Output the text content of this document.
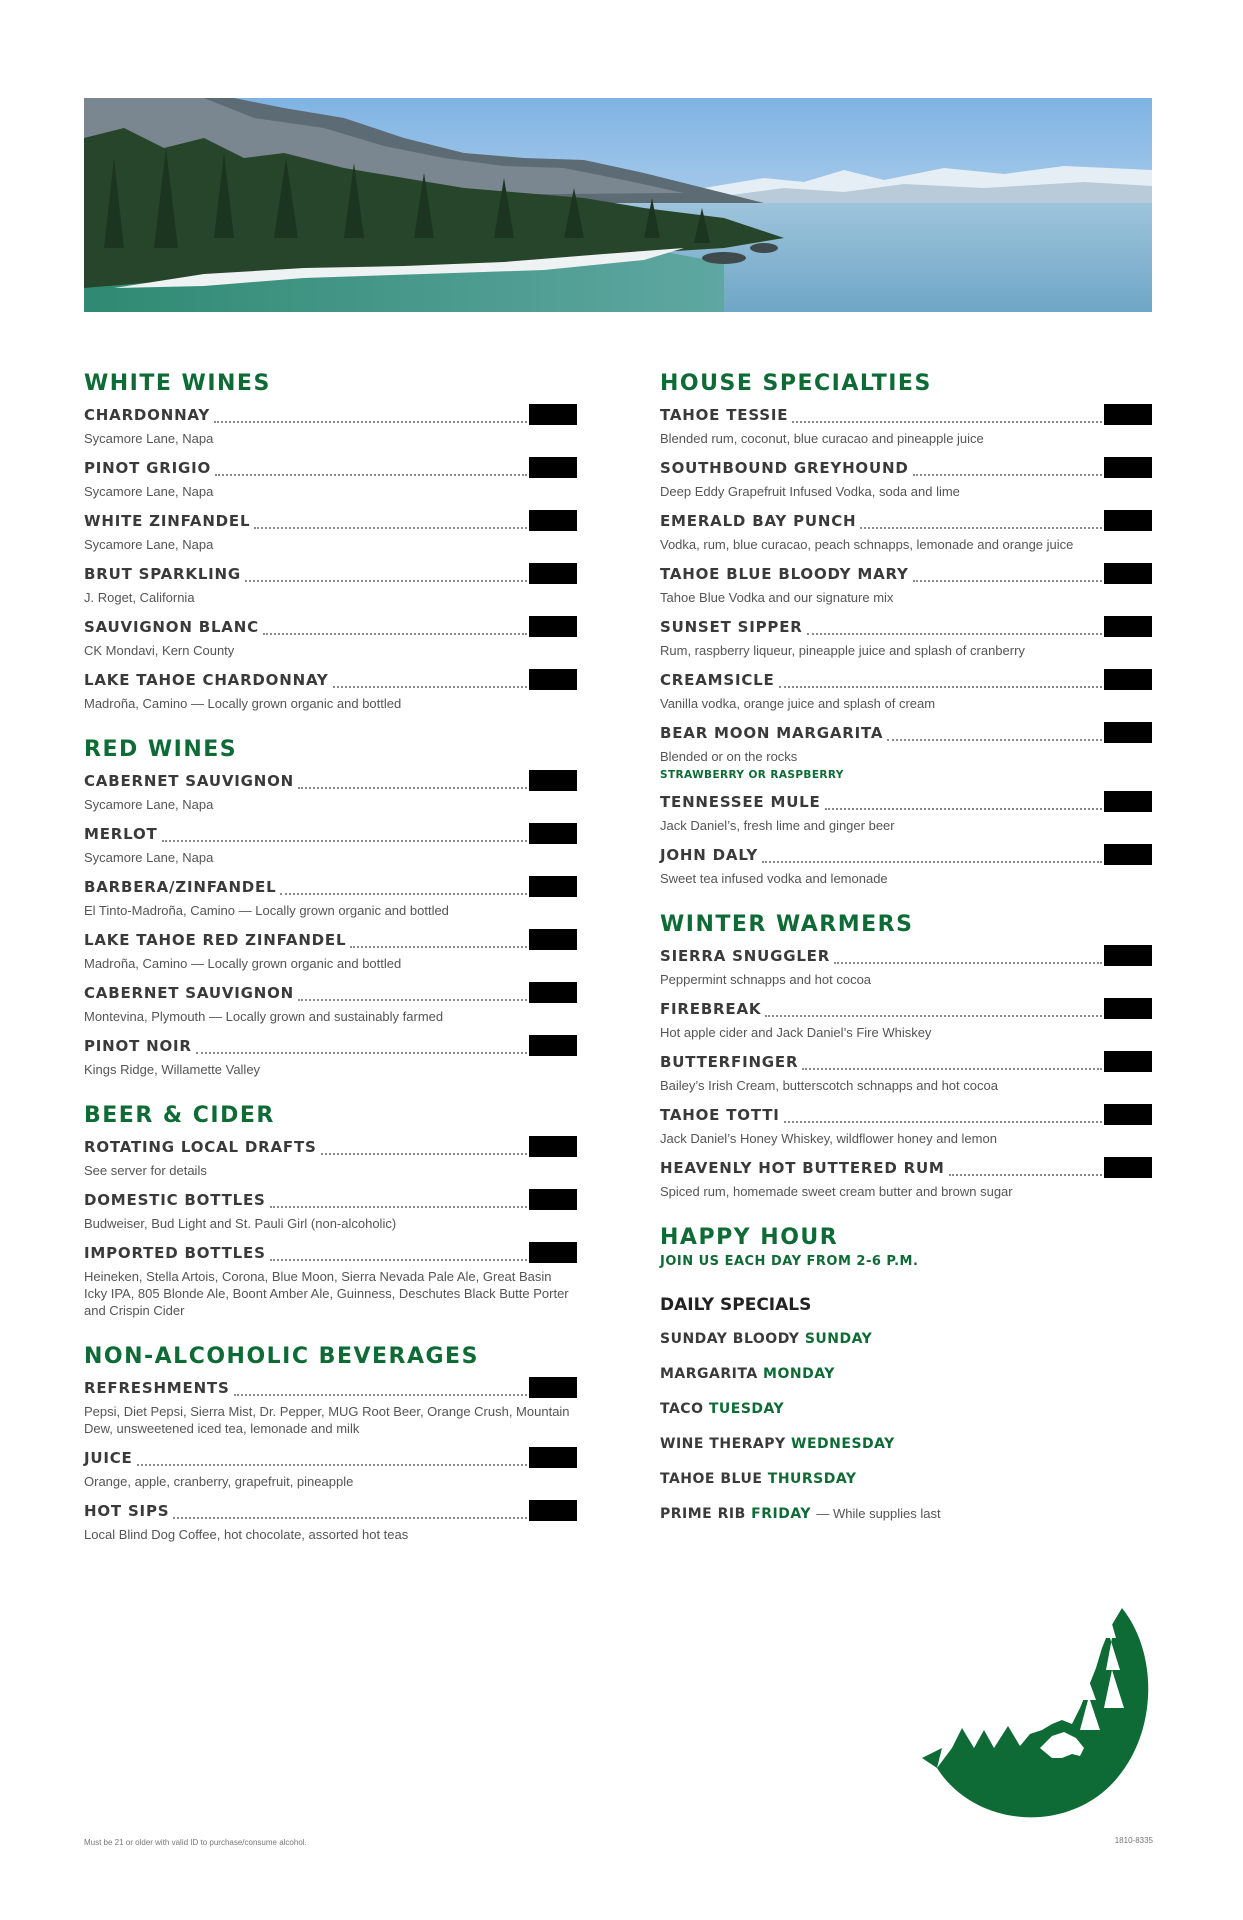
WHITE WINES
CHARDONNAY
Sycamore Lane, Napa
PINOT GRIGIO
Sycamore Lane, Napa
WHITE ZINFANDEL
Sycamore Lane, Napa
BRUT SPARKLING
J. Roget, California
SAUVIGNON BLANC
CK Mondavi, Kern County
LAKE TAHOE CHARDONNAY
Madroña, Camino — Locally grown organic and bottled
RED WINES
CABERNET SAUVIGNON
Sycamore Lane, Napa
MERLOT
Sycamore Lane, Napa
BARBERA/ZINFANDEL
El Tinto-Madroña, Camino — Locally grown organic and bottled
LAKE TAHOE RED ZINFANDEL
Madroña, Camino — Locally grown organic and bottled
CABERNET SAUVIGNON
Montevina, Plymouth — Locally grown and sustainably farmed
PINOT NOIR
Kings Ridge, Willamette Valley
BEER & CIDER
ROTATING LOCAL DRAFTS
See server for details
DOMESTIC BOTTLES
Budweiser, Bud Light and St. Pauli Girl (non-alcoholic)
IMPORTED BOTTLES
Heineken, Stella Artois, Corona, Blue Moon, Sierra Nevada Pale Ale, Great Basin Icky IPA, 805 Blonde Ale, Boont Amber Ale, Guinness, Deschutes Black Butte Porter and Crispin Cider
NON-ALCOHOLIC BEVERAGES
REFRESHMENTS
Pepsi, Diet Pepsi, Sierra Mist, Dr. Pepper, MUG Root Beer, Orange Crush, Mountain Dew, unsweetened iced tea, lemonade and milk
JUICE
Orange, apple, cranberry, grapefruit, pineapple
HOT SIPS
Local Blind Dog Coffee, hot chocolate, assorted hot teas
HOUSE SPECIALTIES
TAHOE TESSIE
Blended rum, coconut, blue curacao and pineapple juice
SOUTHBOUND GREYHOUND
Deep Eddy Grapefruit Infused Vodka, soda and lime
EMERALD BAY PUNCH
Vodka, rum, blue curacao, peach schnapps, lemonade and orange juice
TAHOE BLUE BLOODY MARY
Tahoe Blue Vodka and our signature mix
SUNSET SIPPER
Rum, raspberry liqueur, pineapple juice and splash of cranberry
CREAMSICLE
Vanilla vodka, orange juice and splash of cream
BEAR MOON MARGARITA
Blended or on the rocks
STRAWBERRY OR RASPBERRY
TENNESSEE MULE
Jack Daniel’s, fresh lime and ginger beer
JOHN DALY
Sweet tea infused vodka and lemonade
WINTER WARMERS
SIERRA SNUGGLER
Peppermint schnapps and hot cocoa
FIREBREAK
Hot apple cider and Jack Daniel’s Fire Whiskey
BUTTERFINGER
Bailey’s Irish Cream, butterscotch schnapps and hot cocoa
TAHOE TOTTI
Jack Daniel’s Honey Whiskey, wildflower honey and lemon
HEAVENLY HOT BUTTERED RUM
Spiced rum, homemade sweet cream butter and brown sugar
HAPPY HOUR
JOIN US EACH DAY FROM 2-6 P.M.
DAILY SPECIALS
SUNDAY BLOODY SUNDAY
MARGARITA MONDAY
TACO TUESDAY
WINE THERAPY WEDNESDAY
TAHOE BLUE THURSDAY
PRIME RIB FRIDAY — While supplies last
Must be 21 or older with valid ID to purchase/consume alcohol.	1810-8335
